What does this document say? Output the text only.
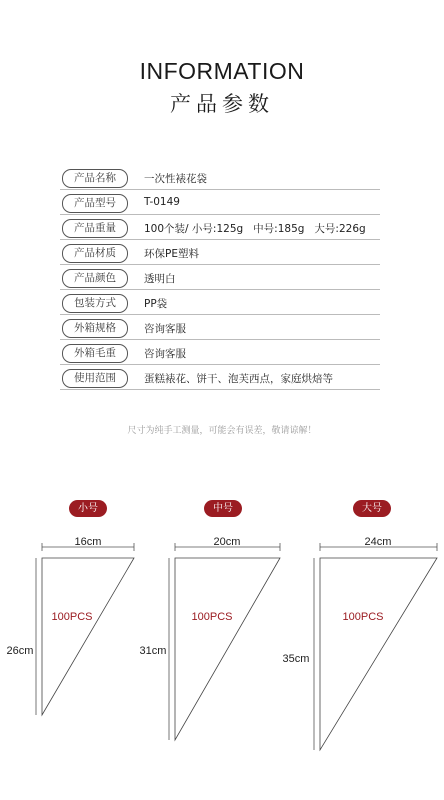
INFORMATION
产品参数
产品名称	一次性裱花袋
产品型号	T-0149
产品重量	100个装/ 小号:125g   中号:185g   大号:226g
产品材质	环保PE塑料
产品颜色	透明白
包装方式	PP袋
外箱规格	咨询客服
外箱毛重	咨询客服
使用范围	蛋糕裱花、饼干、泡芙西点，家庭烘焙等
尺寸为纯手工测量，可能会有误差，敬请谅解！
小号	中号	大号
16cm
26cm
100PCS
20cm
31cm
100PCS
24cm
35cm
100PCS
